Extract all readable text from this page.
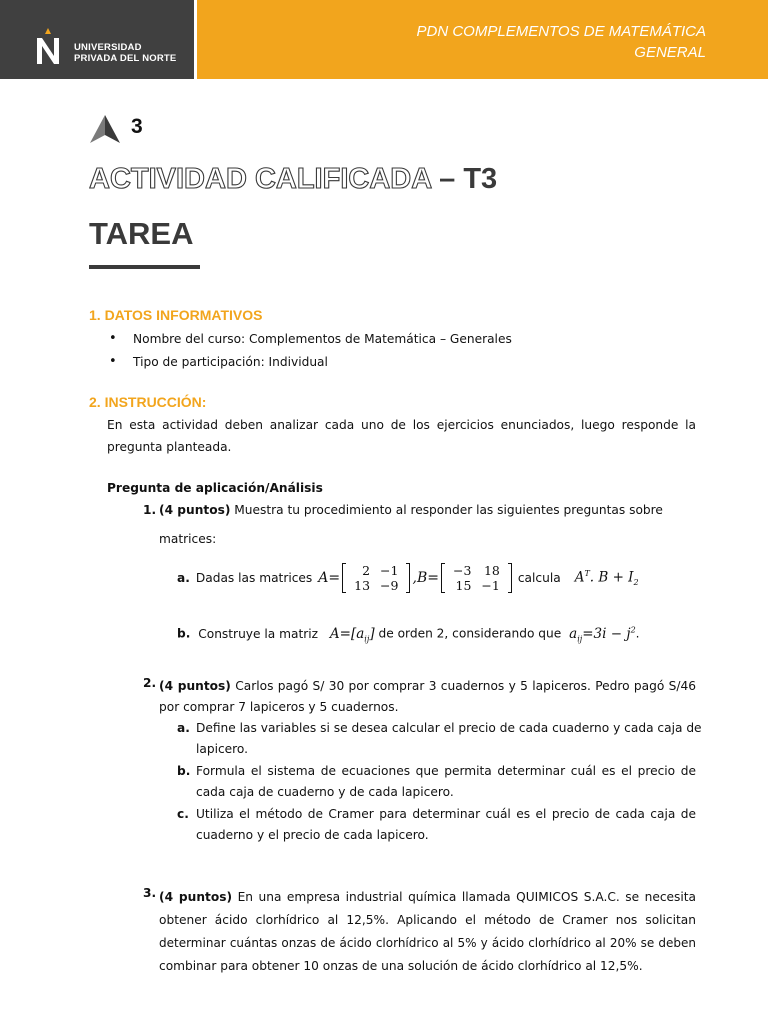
UNIVERSIDAD
PRIVADA DEL NORTE
PDN COMPLEMENTOS DE MATEMÁTICA
GENERAL
3
ACTIVIDAD CALIFICADA – T3
TAREA
1. DATOS INFORMATIVOS
• Nombre del curso: Complementos de Matemática – Generales
• Tipo de participación: Individual
2. INSTRUCCIÓN:
En esta actividad deben analizar cada uno de los ejercicios enunciados, luego responde la pregunta planteada.
Pregunta de aplicación/Análisis
1. (4 puntos) Muestra tu procedimiento al responder las siguientes preguntas sobre
matrices:
a. Dadas las matrices A= 2	−1
13	−9 , B= −3	18
15	−1 calcula $A^T$. $B + I_2$
b. Construye la matriz $A=[a_{ij}]$ de orden 2, considerando que $a_{ij}=3i - j^2$.
2. (4 puntos) Carlos pagó S/ 30 por comprar 3 cuadernos y 5 lapiceros. Pedro pagó S/46
por comprar 7 lapiceros y 5 cuadernos.
a. Define las variables si se desea calcular el precio de cada cuaderno y cada caja de
lapicero.
b. Formula el sistema de ecuaciones que permita determinar cuál es el precio de
cada caja de cuaderno y de cada lapicero.
c. Utiliza el método de Cramer para determinar cuál es el precio de cada caja de
cuaderno y el precio de cada lapicero.
3. (4 puntos) En una empresa industrial química llamada QUIMICOS S.A.C. se necesita
obtener ácido clorhídrico al 12,5%. Aplicando el método de Cramer nos solicitan
determinar cuántas onzas de ácido clorhídrico al 5% y ácido clorhídrico al 20% se deben
combinar para obtener 10 onzas de una solución de ácido clorhídrico al 12,5%.
